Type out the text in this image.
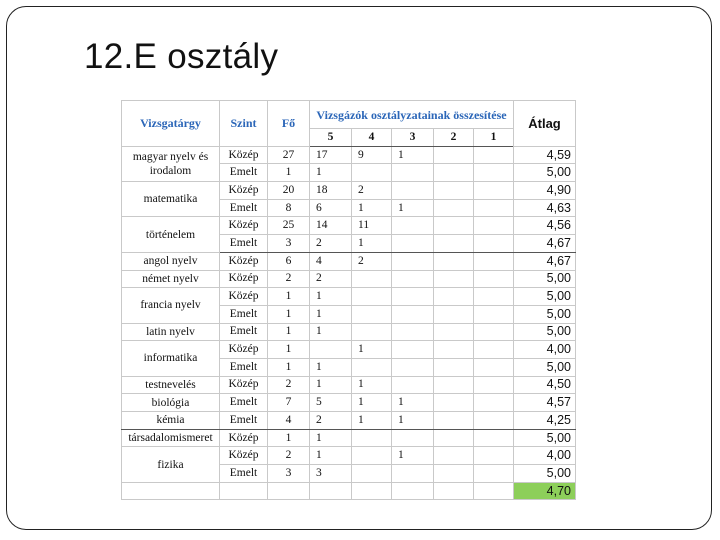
12.E osztály
Vizsgatárgy	Szint	Fő	Vizsgázók osztályzatainak összesítése					Átlag
			5	4	3	2	1	
magyar nyelv és irodalom	Közép	27	17	9	1			4,59
	Emelt	1	1					5,00
matematika	Közép	20	18	2				4,90
	Emelt	8	6	1	1			4,63
történelem	Közép	25	14	11				4,56
	Emelt	3	2	1				4,67
angol nyelv	Közép	6	4	2				4,67
német nyelv	Közép	2	2					5,00
francia nyelv	Közép	1	1					5,00
	Emelt	1	1					5,00
latin nyelv	Emelt	1	1					5,00
informatika	Közép	1		1				4,00
	Emelt	1	1					5,00
testnevelés	Közép	2	1	1				4,50
biológia	Emelt	7	5	1	1			4,57
kémia	Emelt	4	2	1	1			4,25
társadalomismeret	Közép	1	1					5,00
fizika	Közép	2	1		1			4,00
	Emelt	3	3					5,00
								4,70
